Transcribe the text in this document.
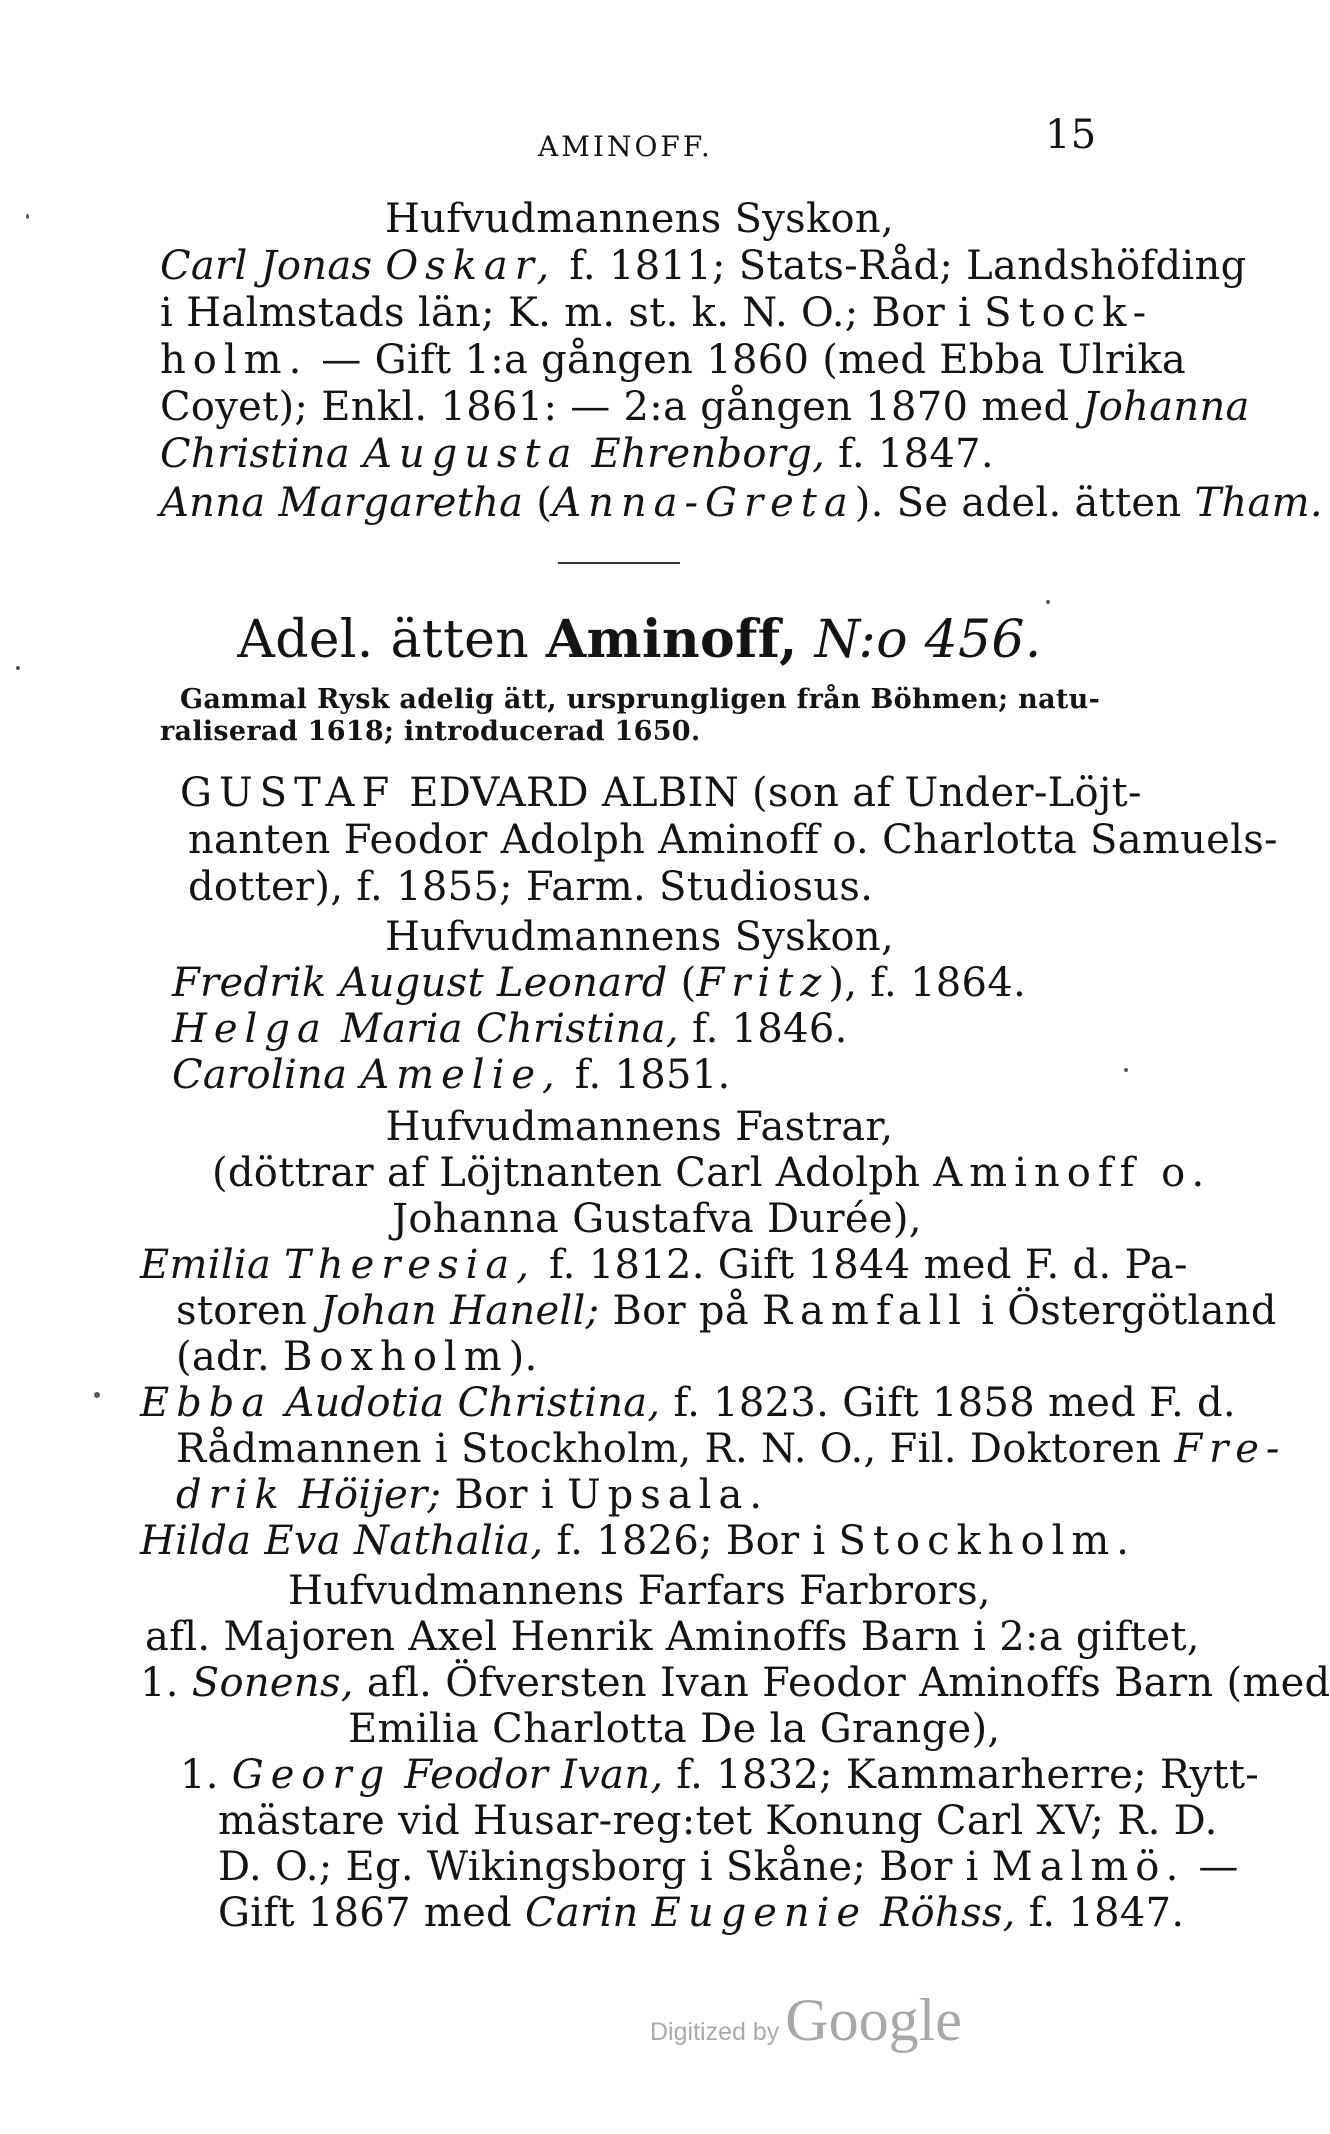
AMINOFF.	15
Hufvudmannens Syskon,
Carl Jonas Oskar, f. 1811; Stats-Råd; Landshöfding
i Halmstads län; K. m. st. k. N. O.; Bor i Stock-
holm. — Gift 1:a gången 1860 (med Ebba Ulrika
Coyet); Enkl. 1861: — 2:a gången 1870 med Johanna
Christina Augusta Ehrenborg, f. 1847.
Anna Margaretha (Anna-Greta). Se adel. ätten Tham.
Adel. ätten Aminoff, N:o 456.
Gammal Rysk adelig ätt, ursprungligen från Böhmen; natu-
raliserad 1618; introducerad 1650.
GUSTAF EDVARD ALBIN (son af Under-Löjt-
nanten Feodor Adolph Aminoff o. Charlotta Samuels-
dotter), f. 1855; Farm. Studiosus.
Hufvudmannens Syskon,
Fredrik August Leonard (Fritz), f. 1864.
Helga Maria Christina, f. 1846.
Carolina Amelie, f. 1851.
Hufvudmannens Fastrar,
(döttrar af Löjtnanten Carl Adolph Aminoff o.
Johanna Gustafva Durée),
Emilia Theresia, f. 1812. Gift 1844 med F. d. Pa-
storen Johan Hanell; Bor på Ramfall i Östergötland
(adr. Boxholm).
Ebba Audotia Christina, f. 1823. Gift 1858 med F. d.
Rådmannen i Stockholm, R. N. O., Fil. Doktoren Fre-
drik Höijer; Bor i Upsala.
Hilda Eva Nathalia, f. 1826; Bor i Stockholm.
Hufvudmannens Farfars Farbrors,
afl. Majoren Axel Henrik Aminoffs Barn i 2:a giftet,
1. Sonens, afl. Öfversten Ivan Feodor Aminoffs Barn (med
Emilia Charlotta De la Grange),
1. Georg Feodor Ivan, f. 1832; Kammarherre; Rytt-
mästare vid Husar-reg:tet Konung Carl XV; R. D.
D. O.; Eg. Wikingsborg i Skåne; Bor i Malmö. —
Gift 1867 med Carin Eugenie Röhss, f. 1847.
Digitized by Google
